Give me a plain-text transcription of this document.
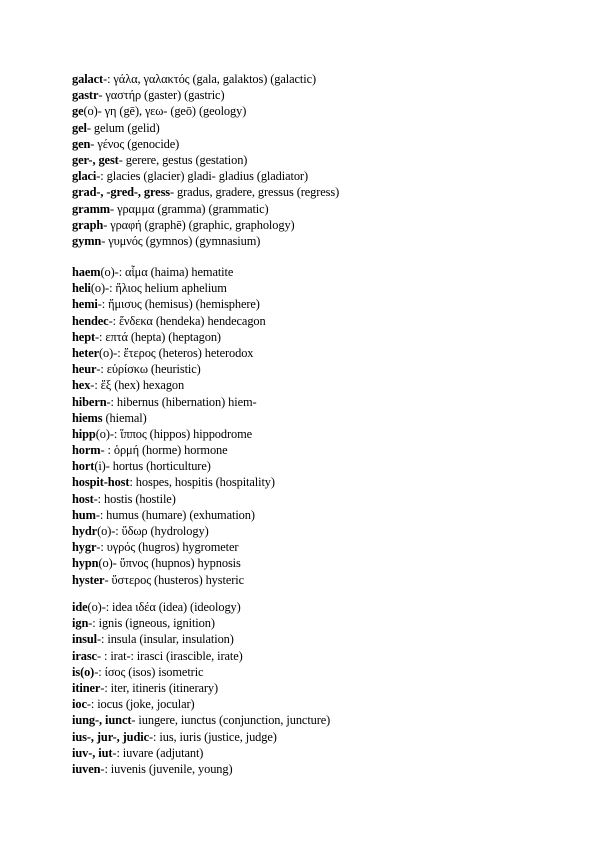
galact-: γάλα, γαλακτός (gala, galaktos) (galactic)
gastr- γαστήρ (gaster) (gastric)
ge(o)- γη (gē), γεω- (geō) (geology)
gel- gelum (gelid)
gen- γένος (genocide)
ger-, gest- gerere, gestus (gestation)
glaci-: glacies (glacier) gladi- gladius (gladiator)
grad-, -gred-, gress- gradus, gradere, gressus (regress)
gramm- γραμμα (gramma) (grammatic)
graph- γραφή (graphē) (graphic, graphology)
gymn- γυμνός (gymnos) (gymnasium)
haem(o)-: αἷμα (haima) hematite
heli(o)-: ἥλιος helium aphelium
hemi-: ἥμισυς (hemisus) (hemisphere)
hendec-: ἕνδεκα (hendeka) hendecagon
hept-: επτά (hepta) (heptagon)
heter(o)-: ἕτερος (heteros) heterodox
heur-: εὑρίσκω (heuristic)
hex-: ἕξ (hex) hexagon
hibern-: hibernus (hibernation) hiem-
hiems (hiemal)
hipp(o)-: ἵππος (hippos) hippodrome
horm- : ὁρμή (horme) hormone
hort(i)- hortus (horticulture)
hospit-host: hospes, hospitis (hospitality)
host-: hostis (hostile)
hum-: humus (humare) (exhumation)
hydr(o)-: ὕδωρ (hydrology)
hygr-: υγρός (hugros) hygrometer
hypn(o)- ὕπνος (hupnos) hypnosis
hyster- ὕστερος (husteros) hysteric
ide(o)-: idea ιδέα (idea) (ideology)
ign-: ignis (igneous, ignition)
insul-: insula (insular, insulation)
irasc- : irat-: irasci (irascible, irate)
is(o)-: ίσος (isos) isometric
itiner-: iter, itineris (itinerary)
ioc-: iocus (joke, jocular)
iung-, iunct- iungere, iunctus (conjunction, juncture)
ius-, jur-, judic-: ius, iuris (justice, judge)
iuv-, iut-: iuvare (adjutant)
iuven-: iuvenis (juvenile, young)
